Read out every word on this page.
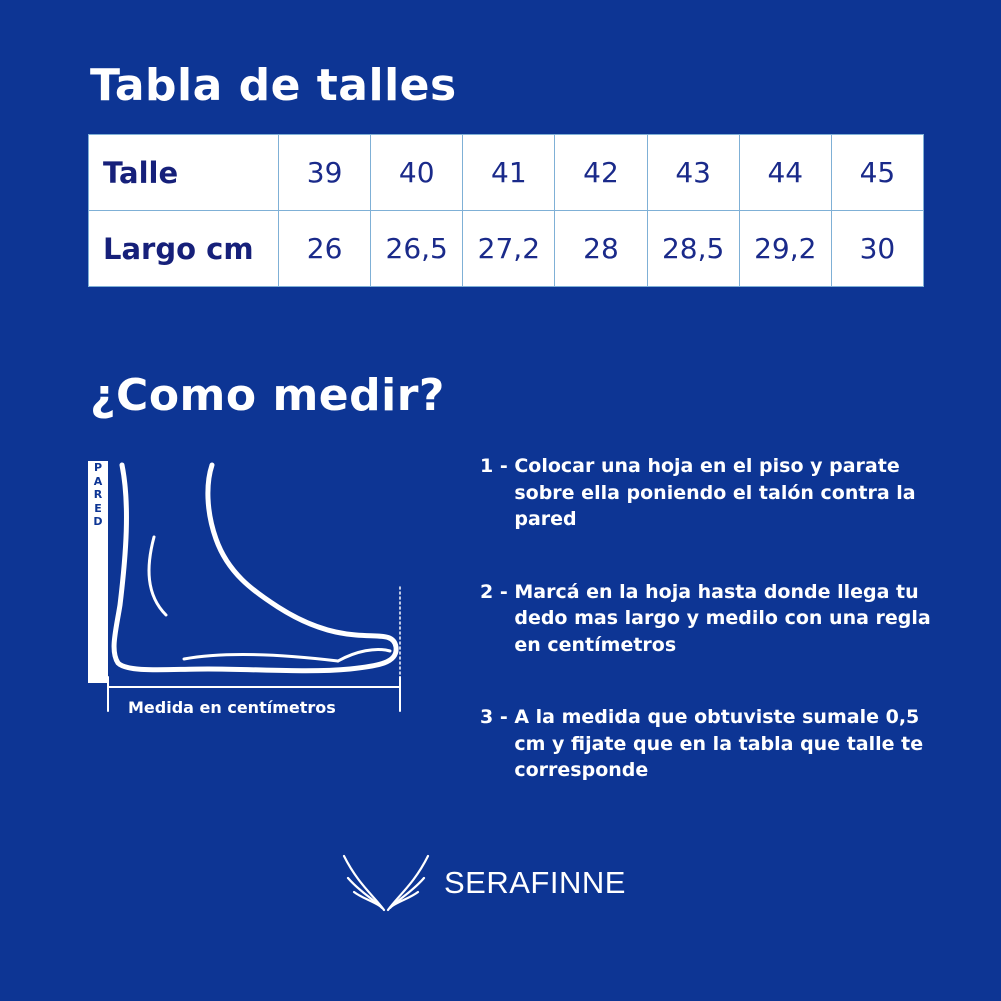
Tabla de talles
Talle	39	40	41	42	43	44	45
Largo cm	26	26,5	27,2	28	28,5	29,2	30
¿Como medir?
P
A
R
E
D
Medida en centímetros
1 - Colocar una hoja en el piso y parate sobre ella poniendo el talón contra la pared
2 - Marcá en la hoja hasta donde llega tu dedo mas largo y medilo con una regla en centímetros
3 - A la medida que obtuviste sumale 0,5 cm y fijate que en la tabla que talle te corresponde
SERAFINNE
